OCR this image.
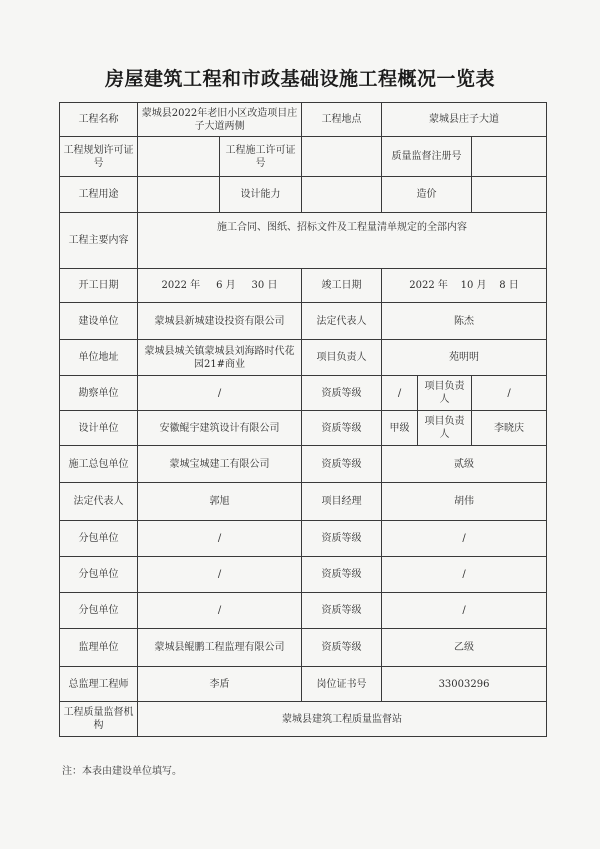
房屋建筑工程和市政基础设施工程概况一览表
工程名称	蒙城县2022年老旧小区改造项目庄子大道两侧		工程地点	蒙城县庄子大道		
工程规划许可证号		工程施工许可证号		质量监督注册号		
工程用途		设计能力		造价		
工程主要内容	施工合同、图纸、招标文件及工程量清单规定的全部内容					
开工日期	2022 年 6 月 30 日		竣工日期	2022 年 10 月 8 日		
建设单位	蒙城县新城建设投资有限公司		法定代表人	陈杰		
单位地址	蒙城县城关镇蒙城县刘海路时代花园21#商业		项目负责人	苑明明		
勘察单位	/		资质等级	/	项目负责人	/
设计单位	安徽鲲宇建筑设计有限公司		资质等级	甲级	项目负责人	李晓庆
施工总包单位	蒙城宝城建工有限公司		资质等级	贰级		
法定代表人	郭旭		项目经理	胡伟		
分包单位	/		资质等级	/		
分包单位	/		资质等级	/		
分包单位	/		资质等级	/		
监理单位	蒙城县鲲鹏工程监理有限公司		资质等级	乙级		
总监理工程师	李盾		岗位证书号	33003296		
工程质量监督机构	蒙城县建筑工程质量监督站					
注：本表由建设单位填写。
